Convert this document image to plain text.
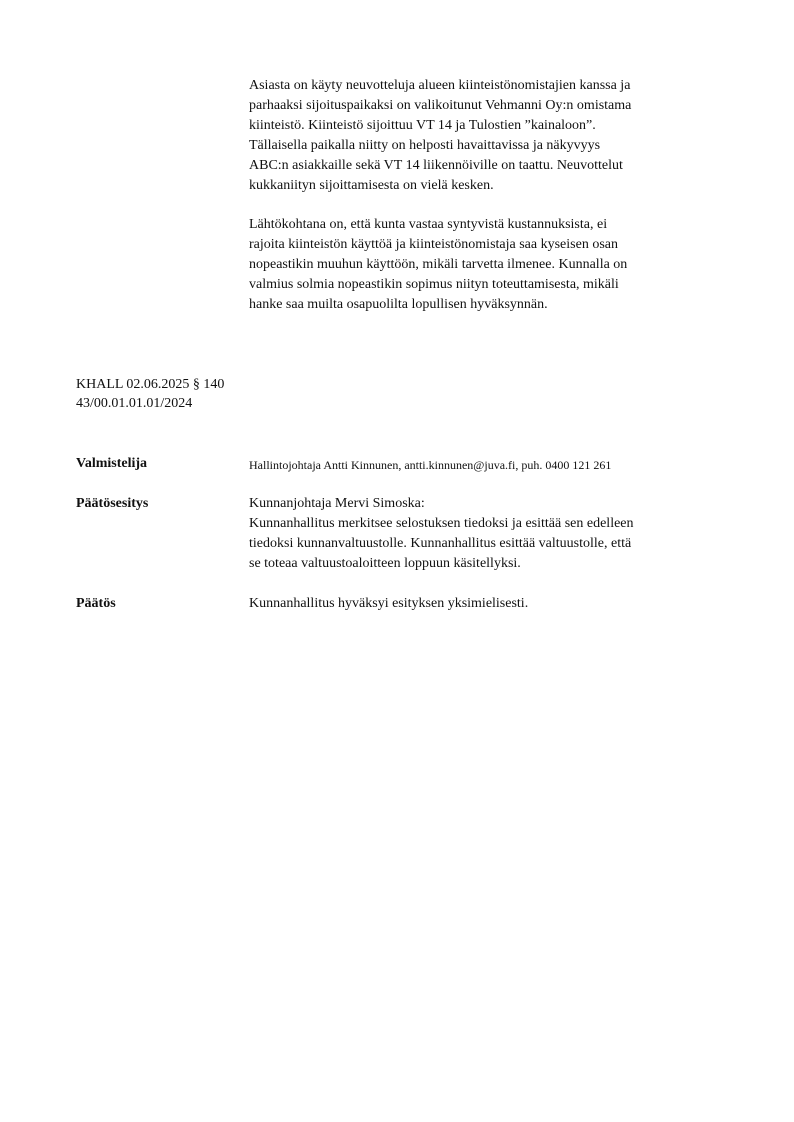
Asiasta on käyty neuvotteluja alueen kiinteistönomistajien kanssa ja
parhaaksi sijoituspaikaksi on valikoitunut Vehmanni Oy:n omistama
kiinteistö. Kiinteistö sijoittuu VT 14 ja Tulostien ”kainaloon”.
Tällaisella paikalla niitty on helposti havaittavissa ja näkyvyys
ABC:n asiakkaille sekä VT 14 liikennöiville on taattu. Neuvottelut
kukkaniityn sijoittamisesta on vielä kesken.
Lähtökohtana on, että kunta vastaa syntyvistä kustannuksista, ei
rajoita kiinteistön käyttöä ja kiinteistönomistaja saa kyseisen osan
nopeastikin muuhun käyttöön, mikäli tarvetta ilmenee. Kunnalla on
valmius solmia nopeastikin sopimus niityn toteuttamisesta, mikäli
hanke saa muilta osapuolilta lopullisen hyväksynnän.
KHALL 02.06.2025 § 140
43/00.01.01.01/2024
Valmistelija	Hallintojohtaja Antti Kinnunen, antti.kinnunen@juva.fi, puh. 0400 121 261
Päätösesitys	Kunnanjohtaja Mervi Simoska:
Kunnanhallitus merkitsee selostuksen tiedoksi ja esittää sen edelleen
tiedoksi kunnanvaltuustolle. Kunnanhallitus esittää valtuustolle, että
se toteaa valtuustoaloitteen loppuun käsitellyksi.
Päätös	Kunnanhallitus hyväksyi esityksen yksimielisesti.
